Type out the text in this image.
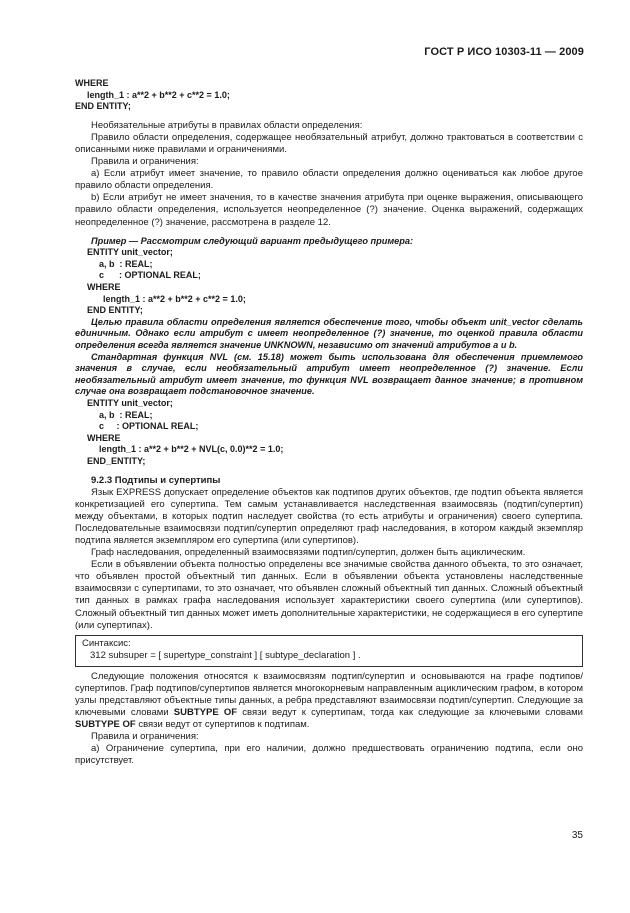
ГОСТ Р ИСО 10303-11 — 2009
WHERE
length_1 : a**2 + b**2 + c**2 = 1.0;
END ENTITY;

Необязательные атрибуты в правилах области определения:

Правило области определения, содержащее необязательный атрибут, должно трактоваться в соответствии с описанными ниже правилами и ограничениями.

Правила и ограничения:

а) Если атрибут имеет значение, то правило области определения должно оцениваться как любое другое правило области определения.

b) Если атрибут не имеет значения, то в качестве значения атрибута при оценке выражения, описывающего правило области определения, используется неопределенное (?) значение. Оценка выражений, содержащих неопределенное (?) значение, рассмотрена в разделе 12.

Пример — Рассмотрим следующий вариант предыдущего примера:

ENTITY unit_vector;
a, b  : REAL;
c      : OPTIONAL REAL;
WHERE
length_1 : a**2 + b**2 + c**2 = 1.0;
END ENTITY;

Целью правила области определения является обеспечение того, чтобы объект unit_vector сделать единичным. Однако если атрибут c имеет неопределенное (?) значение, то оценкой правила области определения всегда является значение UNKNOWN, независимо от значений атрибутов a и b.

Стандартная функция NVL (см. 15.18) может быть использована для обеспечения приемлемого значения в случае, если необязательный атрибут имеет неопределенное (?) значение. Если необязательный атрибут имеет значение, то функция NVL возвращает данное значение; в противном случае она возвращает подстановочное значение.

ENTITY unit_vector;
a, b  : REAL;
c     : OPTIONAL REAL;
WHERE
length_1 : a**2 + b**2 + NVL(c, 0.0)**2 = 1.0;
END_ENTITY;

9.2.3 Подтипы и супертипы

Язык EXPRESS допускает определение объектов как подтипов других объектов, где подтип объекта является конкретизацией его супертипа. Тем самым устанавливается наследственная взаимосвязь (подтип/супертип) между объектами, в которых подтип наследует свойства (то есть атрибуты и ограничения) своего супертипа. Последовательные взаимосвязи подтип/супертип определяют граф наследования, в котором каждый экземпляр подтипа является экземпляром его супертипа (или супертипов).

Граф наследования, определенный взаимосвязями подтип/супертип, должен быть ациклическим.

Если в объявлении объекта полностью определены все значимые свойства данного объекта, то это означает, что объявлен простой объектный тип данных. Если в объявлении объекта установлены наследственные взаимосвязи с супертипами, то это означает, что объявлен сложный объектный тип данных. Сложный объектный тип данных в рамках графа наследования использует характеристики своего супертипа (или супертипов). Сложный объектный тип данных может иметь дополнительные характеристики, не содержащиеся в его супертипе (или супертипах).

Синтаксис:
312 subsuper = [ supertype_constraint ] [ subtype_declaration ] .

Следующие положения относятся к взаимосвязям подтип/супертип и основываются на графе подтипов/супертипов. Граф подтипов/супертипов является многокорневым направленным ациклическим графом, в котором узлы представляют объектные типы данных, а ребра представляют взаимосвязи подтип/супертип. Следующие за ключевыми словами SUBTYPE OF связи ведут к супертипам, тогда как следующие за ключевыми словами SUBTYPE OF связи ведут от супертипов к подтипам.

Правила и ограничения:

а) Ограничение супертипа, при его наличии, должно предшествовать ограничению подтипа, если оно присутствует.

35
